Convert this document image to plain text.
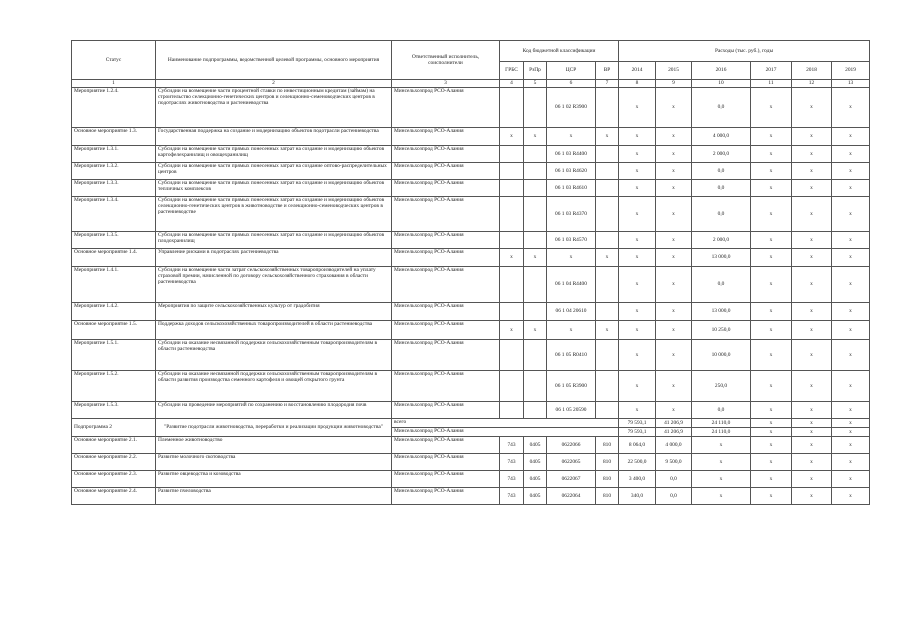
Статус	Наименование подпрограммы, ведомственной целевой программы, основного мероприятия	Ответственный исполнитель, соисполнители	Код бюджетной классификации				Расходы (тыс. руб.), годы					
			ГРБС	РзПр	ЦСР	ВР	2014	2015	2016	2017	2018	2019
1	2	3	4	5	6	7	8	9	10	11	12	13
Мероприятие 1.2.4.	Субсидии на возмещение части процентной ставки по инвестиционным кредитам (займам) на строительство селекционно-генетических центров и селекционно-семеноводческих центров в подотраслях животноводства и растениеводства	Минсельхозпрод РСО-Алания			06 1 02 R3900		х	х	0,0	х	х	х
Основное мероприятие 1.3.	Государственная поддержка на создание и модернизацию объектов подотрасли растениеводства	Минсельхозпрод РСО-Алания	х	х	х	х	х	х	4 000,0	х	х	х
Мероприятие 1.3.1.	Субсидии на возмещение части прямых понесенных затрат на создание и модернизацию объектов картофелехранилищ и овощехранилищ	Минсельхозпрод РСО-Алания			06 1 03 R4400		х	х	2 000,0	х	х	х
Мероприятие 1.3.2.	Субсидии на возмещение части прямых понесенных затрат на создание оптово-распределительных центров	Минсельхозпрод РСО-Алания			06 1 03 R4620		х	х	0,0	х	х	х
Мероприятие 1.3.3.	Субсидии на возмещение части прямых понесенных затрат на создание и модернизацию объектов тепличных комплексов	Минсельхозпрод РСО-Алания			06 1 03 R4610		х	х	0,0	х	х	х
Мероприятие 1.3.4.	Субсидии на возмещение части прямых понесенных затрат на создание и модернизацию объектов селекционно-генетических центров в животноводстве и селекционно-семеноводческих центров в растениеводстве	Минсельхозпрод РСО-Алания			06 1 03 R4370		х	х	0,0	х	х	х
Мероприятие 1.3.5.	Субсидии на возмещение части прямых понесенных затрат на создание и модернизацию объектов плодохранилищ	Минсельхозпрод РСО-Алания			06 1 03 R4570		х	х	2 000,0	х	х	х
Основное мероприятие 1.4.	Управление рисками в подотраслях растениеводства	Минсельхозпрод РСО-Алания	х	х	х	х	х	х	13 000,0	х	х	х
Мероприятие 1.4.1.	Субсидии на возмещение части затрат сельскохозяйственных товаропроизводителей на уплату страховой премии, начисленной по договору сельскохозяйственного страхования в области растениеводства	Минсельхозпрод РСО-Алания			06 1 04 R4400		х	х	0,0	х	х	х
Мероприятие 1.4.2.	Мероприятия по защите сельскохозяйственных культур от градобития	Минсельхозпрод РСО-Алания			06 1 04 20610		х	х	13 000,0	х	х	х
Основное мероприятие 1.5.	Поддержка доходов сельскохозяйственных товаропроизводителей в области растениеводства	Минсельхозпрод РСО-Алания	х	х	х	х	х	х	10 250,0	х	х	х
Мероприятие 1.5.1.	Субсидии на оказание несвязанной поддержки сельскохозяйственным товаропроизводителям в области растениеводства	Минсельхозпрод РСО-Алания			06 1 05 R0410		х	х	10 000,0	х	х	х
Мероприятие 1.5.2.	Субсидии на оказание несвязанной поддержки сельскохозяйственным товаропроизводителям в области развития производства семенного картофеля и овощей открытого грунта	Минсельхозпрод РСО-Алания			06 1 05 R3900		х	х	250,0	х	х	х
Мероприятие 1.5.3.	Субсидии на проведение мероприятий по сохранению и восстановлению плодородия почв	Минсельхозпрод РСО-Алания			06 1 05 20590		х	х	0,0	х	х	х
Подпрограмма 2	"Развитие подотрасли животноводства, переработки и реализации продукции животноводства"	всего					79 593,1	41 206,9	24 110,0	х	х	х
		Минсельхозпрод РСО-Алания					79 593,1	41 206,9	24 110,0	х	х	х
Основное мероприятие 2.1.	Племенное животноводство	Минсельхозпрод РСО-Алания	743	0405	0622066	810	8 064,0	4 000,0	х	х	х	х
Основное мероприятие 2.2.	Развитие молочного скотоводства	Минсельхозпрод РСО-Алания	743	0405	0622065	810	22 500,0	9 500,0	х	х	х	х
Основное мероприятие 2.3.	Развитие овцеводства и козоводства	Минсельхозпрод РСО-Алания	743	0405	0622067	810	3 400,0	0,0	х	х	х	х
Основное мероприятие 2.4.	Развитие пчеловодства	Минсельхозпрод РСО-Алания	743	0405	0622064	810	340,0	0,0	х	х	х	х
